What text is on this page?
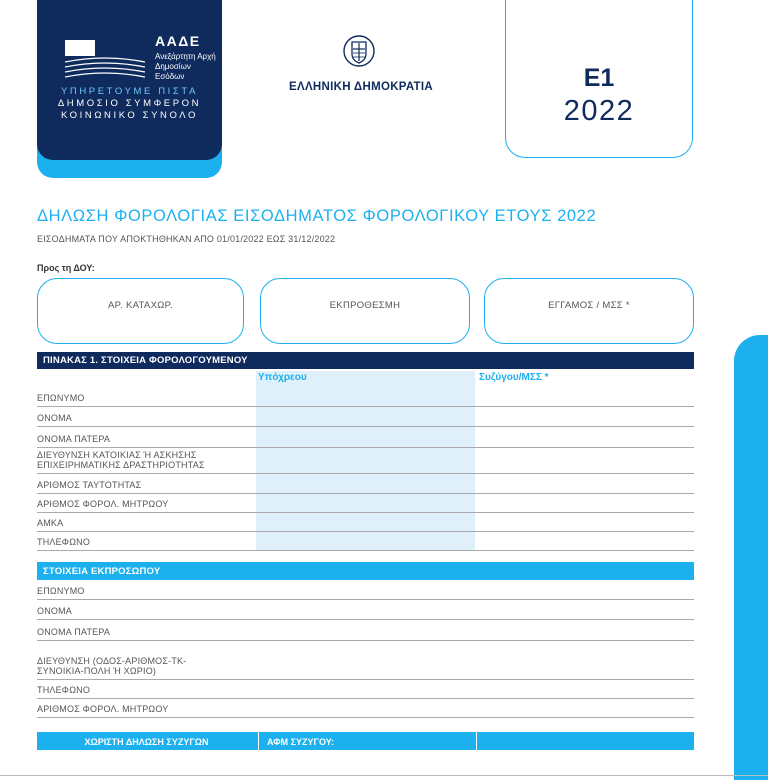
ΑΑΔΕ
Ανεξάρτητη Αρχή
Δημοσίων Εσόδων
ΥΠΗΡΕΤΟΥΜΕ ΠΙΣΤΑ
ΔΗΜΟΣΙΟ ΣΥΜΦΕΡΟΝ
ΚΟΙΝΩΝΙΚΟ ΣΥΝΟΛΟ
ΕΛΛΗΝΙΚΗ ΔΗΜΟΚΡΑΤΙΑ	Ε1
2022
ΔΗΛΩΣΗ ΦΟΡΟΛΟΓΙΑΣ ΕΙΣΟΔΗΜΑΤΟΣ ΦΟΡΟΛΟΓΙΚΟΥ ΕΤΟΥΣ 2022
ΕΙΣΟΔΗΜΑΤΑ ΠΟΥ ΑΠΟΚΤΗΘΗΚΑΝ ΑΠΟ 01/01/2022 ΕΩΣ 31/12/2022
Προς τη ΔΟΥ:
ΑΡ. ΚΑΤΑΧΩΡ.	ΕΚΠΡΟΘΕΣΜΗ	ΕΓΓΑΜΟΣ / ΜΣΣ *
ΠΙΝΑΚΑΣ 1. ΣΤΟΙΧΕΙΑ ΦΟΡΟΛΟΓΟΥΜΕΝΟΥ
Υπόχρεου	Συζύγου/ΜΣΣ *
ΕΠΩΝΥΜΟ
ΟΝΟΜΑ
ΟΝΟΜΑ ΠΑΤΕΡΑ
ΔΙΕΥΘΥΝΣΗ ΚΑΤΟΙΚΙΑΣ Ή ΑΣΚΗΣΗΣ
ΕΠΙΧΕΙΡΗΜΑΤΙΚΗΣ ΔΡΑΣΤΗΡΙΟΤΗΤΑΣ
ΑΡΙΘΜΟΣ ΤΑΥΤΟΤΗΤΑΣ
ΑΡΙΘΜΟΣ ΦΟΡΟΛ. ΜΗΤΡΩΟΥ
ΑΜΚΑ
ΤΗΛΕΦΩΝΟ
ΣΤΟΙΧΕΙΑ ΕΚΠΡΟΣΩΠΟΥ
ΕΠΩΝΥΜΟ
ΟΝΟΜΑ
ΟΝΟΜΑ ΠΑΤΕΡΑ
ΔΙΕΥΘΥΝΣΗ (ΟΔΟΣ-ΑΡΙΘΜΟΣ-ΤΚ-
ΣΥΝΟΙΚΙΑ-ΠΟΛΗ Ή ΧΩΡΙΟ)
ΤΗΛΕΦΩΝΟ
ΑΡΙΘΜΟΣ ΦΟΡΟΛ. ΜΗΤΡΩΟΥ
ΧΩΡΙΣΤΗ ΔΗΛΩΣΗ ΣΥΖΥΓΩΝ	ΑΦΜ ΣΥΖΥΓΟΥ:
